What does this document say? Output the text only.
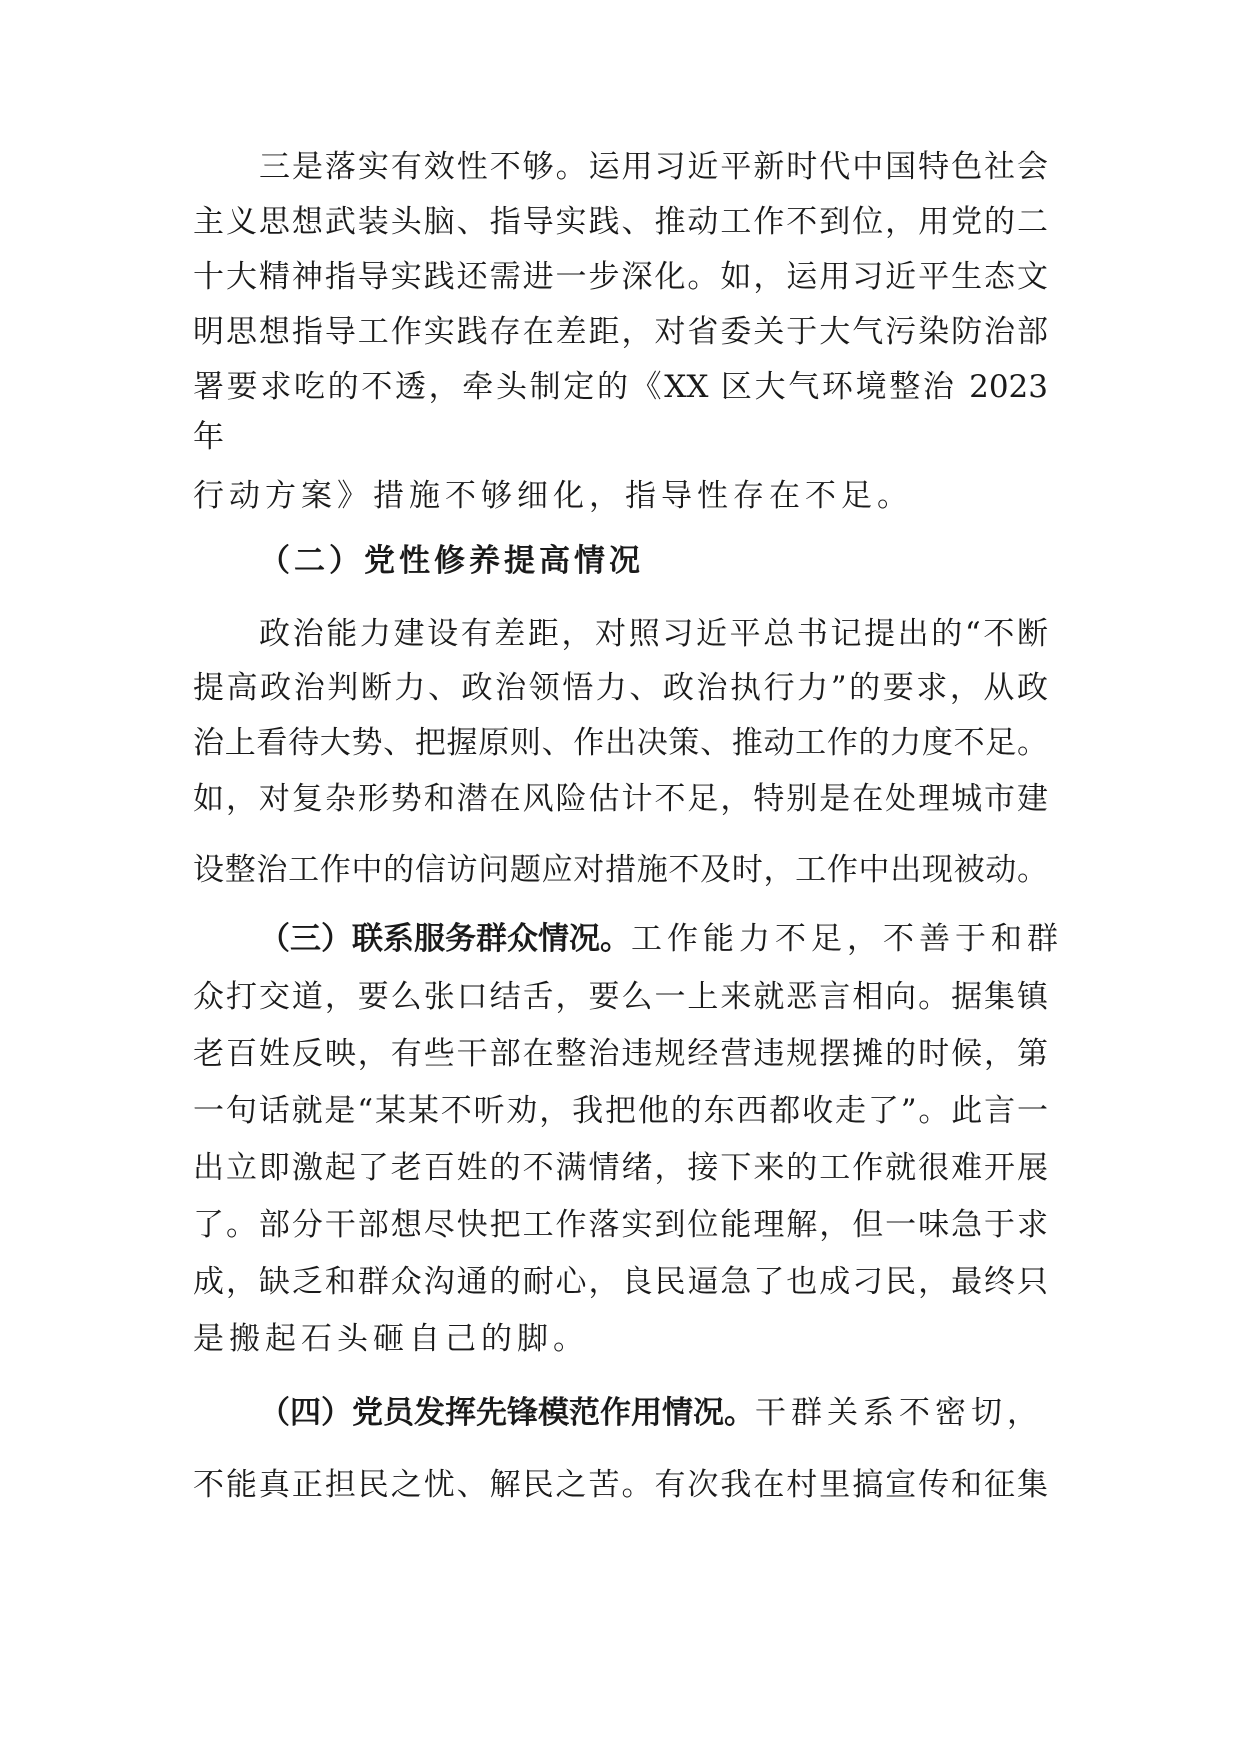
三是落实有效性不够。运用习近平新时代中国特色社会

主义思想武装头脑、指导实践、推动工作不到位，用党的二

十大精神指导实践还需进一步深化。如，运用习近平生态文

明思想指导工作实践存在差距，对省委关于大气污染防治部

署要求吃的不透，牵头制定的《XX 区大气环境整治 2023

年

行动方案》措施不够细化，指导性存在不足。

（二）党性修养提高情况

政治能力建设有差距，对照习近平总书记提出的“不断

提高政治判断力、政治领悟力、政治执行力”的要求，从政

治上看待大势、把握原则、作出决策、推动工作的力度不足。

如，对复杂形势和潜在风险估计不足，特别是在处理城市建

设整治工作中的信访问题应对措施不及时，工作中出现被动。

（三）联系服务群众情况。工作能力不足，不善于和群

众打交道，要么张口结舌，要么一上来就恶言相向。据集镇

老百姓反映，有些干部在整治违规经营违规摆摊的时候，第

一句话就是“某某不听劝，我把他的东西都收走了”。此言一

出立即激起了老百姓的不满情绪，接下来的工作就很难开展

了。部分干部想尽快把工作落实到位能理解，但一味急于求

成，缺乏和群众沟通的耐心，良民逼急了也成刁民，最终只

是搬起石头砸自己的脚。

（四）党员发挥先锋模范作用情况。干群关系不密切，

不能真正担民之忧、解民之苦。有次我在村里搞宣传和征集
